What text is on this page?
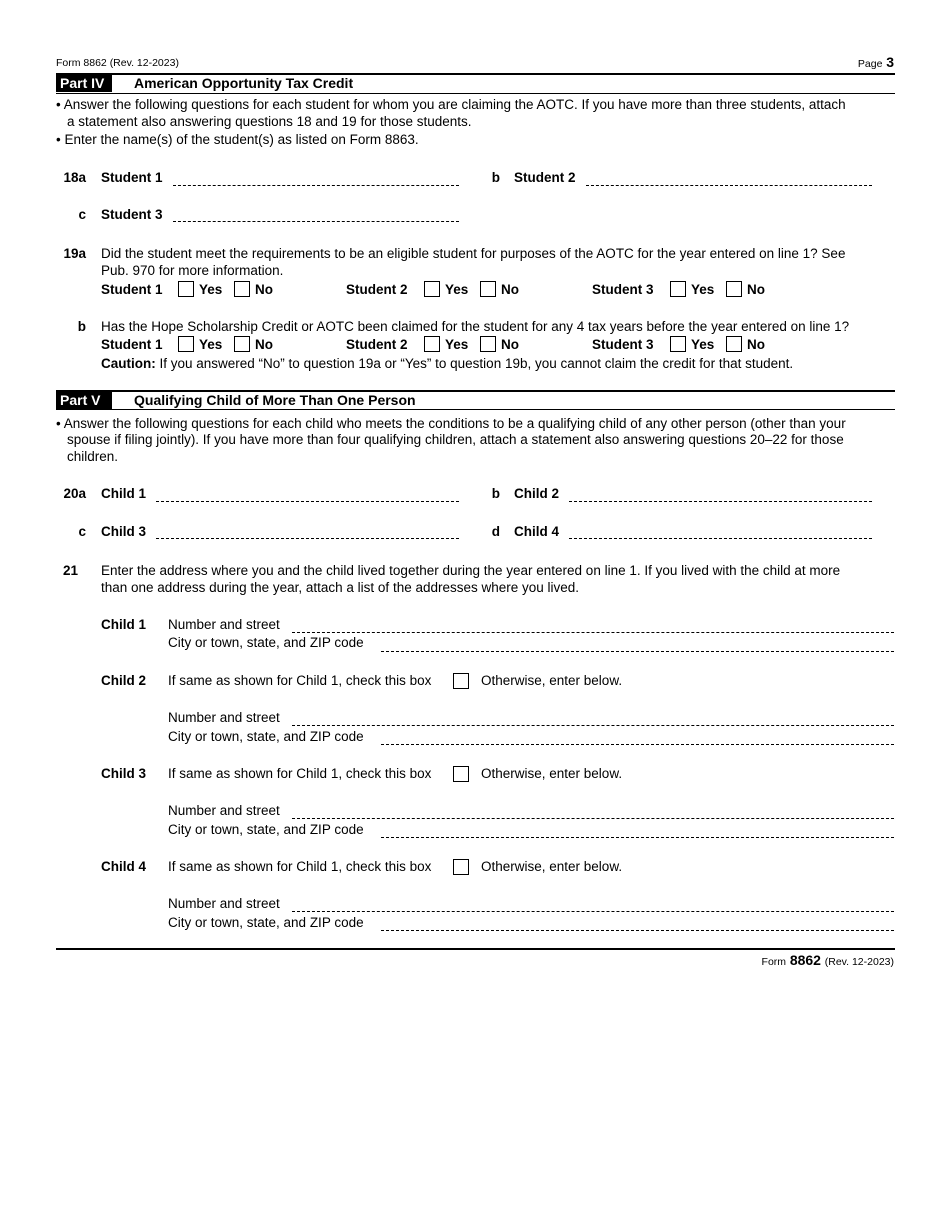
Form 8862 (Rev. 12-2023)	Page 3
Part IV	American Opportunity Tax Credit
• Answer the following questions for each student for whom you are claiming the AOTC. If you have more than three students, attach
a statement also answering questions 18 and 19 for those students.
• Enter the name(s) of the student(s) as listed on Form 8863.
18a Student 1	b Student 2
c Student 3
19a Did the student meet the requirements to be an eligible student for purposes of the AOTC for the year entered on line 1? See
Pub. 970 for more information.
Student 1	Yes No	Student 2	Yes No	Student 3	Yes No
b Has the Hope Scholarship Credit or AOTC been claimed for the student for any 4 tax years before the year entered on line 1?
Student 1	Yes No	Student 2	Yes No	Student 3	Yes No
Caution: If you answered “No” to question 19a or “Yes” to question 19b, you cannot claim the credit for that student.
Part V	Qualifying Child of More Than One Person
• Answer the following questions for each child who meets the conditions to be a qualifying child of any other person (other than your
spouse if filing jointly). If you have more than four qualifying children, attach a statement also answering questions 20–22 for those
children.
20a Child 1	b Child 2
c Child 3	d Child 4
21 Enter the address where you and the child lived together during the year entered on line 1. If you lived with the child at more
than one address during the year, attach a list of the addresses where you lived.
Child 1 Number and street
City or town, state, and ZIP code
Child 2 If same as shown for Child 1, check this box	Otherwise, enter below.
Number and street
City or town, state, and ZIP code
Child 3 If same as shown for Child 1, check this box	Otherwise, enter below.
Number and street
City or town, state, and ZIP code
Child 4 If same as shown for Child 1, check this box	Otherwise, enter below.
Number and street
City or town, state, and ZIP code
Form 8862 (Rev. 12-2023)
